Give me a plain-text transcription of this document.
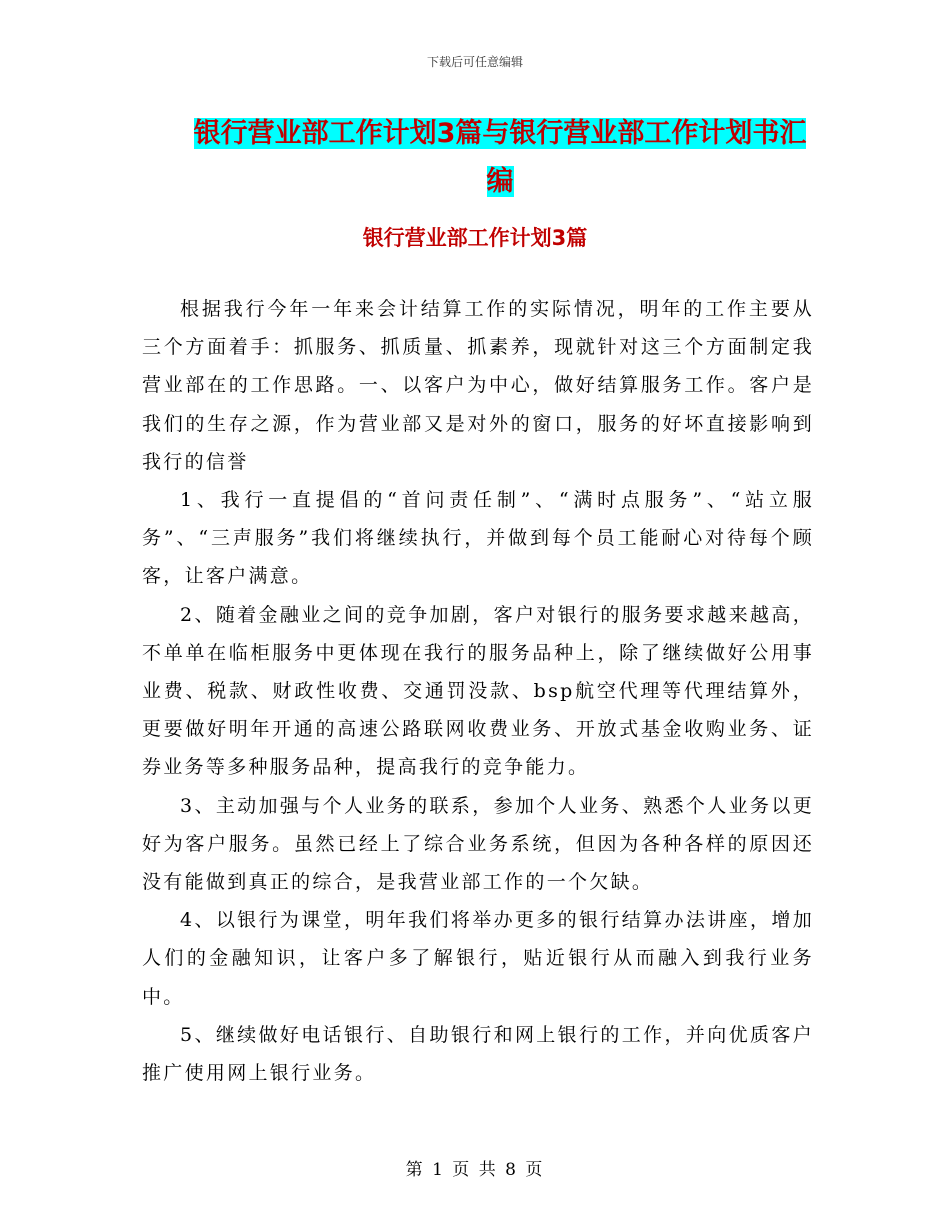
下载后可任意编辑
银行营业部工作计划3篇与银行营业部工作计划书汇编
银行营业部工作计划3篇

根据我行今年一年来会计结算工作的实际情况，明年的工作主要从三个方面着手：抓服务、抓质量、抓素养，现就针对这三个方面制定我营业部在的工作思路。一、以客户为中心，做好结算服务工作。客户是我们的生存之源，作为营业部又是对外的窗口，服务的好坏直接影响到我行的信誉

1、我行一直提倡的“首问责任制”、“满时点服务”、“站立服务”、“三声服务”我们将继续执行，并做到每个员工能耐心对待每个顾客，让客户满意。

2、随着金融业之间的竞争加剧，客户对银行的服务要求越来越高，不单单在临柜服务中更体现在我行的服务品种上，除了继续做好公用事业费、税款、财政性收费、交通罚没款、bsp航空代理等代理结算外，更要做好明年开通的高速公路联网收费业务、开放式基金收购业务、证券业务等多种服务品种，提高我行的竞争能力。

3、主动加强与个人业务的联系，参加个人业务、熟悉个人业务以更好为客户服务。虽然已经上了综合业务系统，但因为各种各样的原因还没有能做到真正的综合，是我营业部工作的一个欠缺。

4、以银行为课堂，明年我们将举办更多的银行结算办法讲座，增加人们的金融知识，让客户多了解银行，贴近银行从而融入到我行业务中。

5、继续做好电话银行、自助银行和网上银行的工作，并向优质客户推广使用网上银行业务。

第 1 页 共 8 页
